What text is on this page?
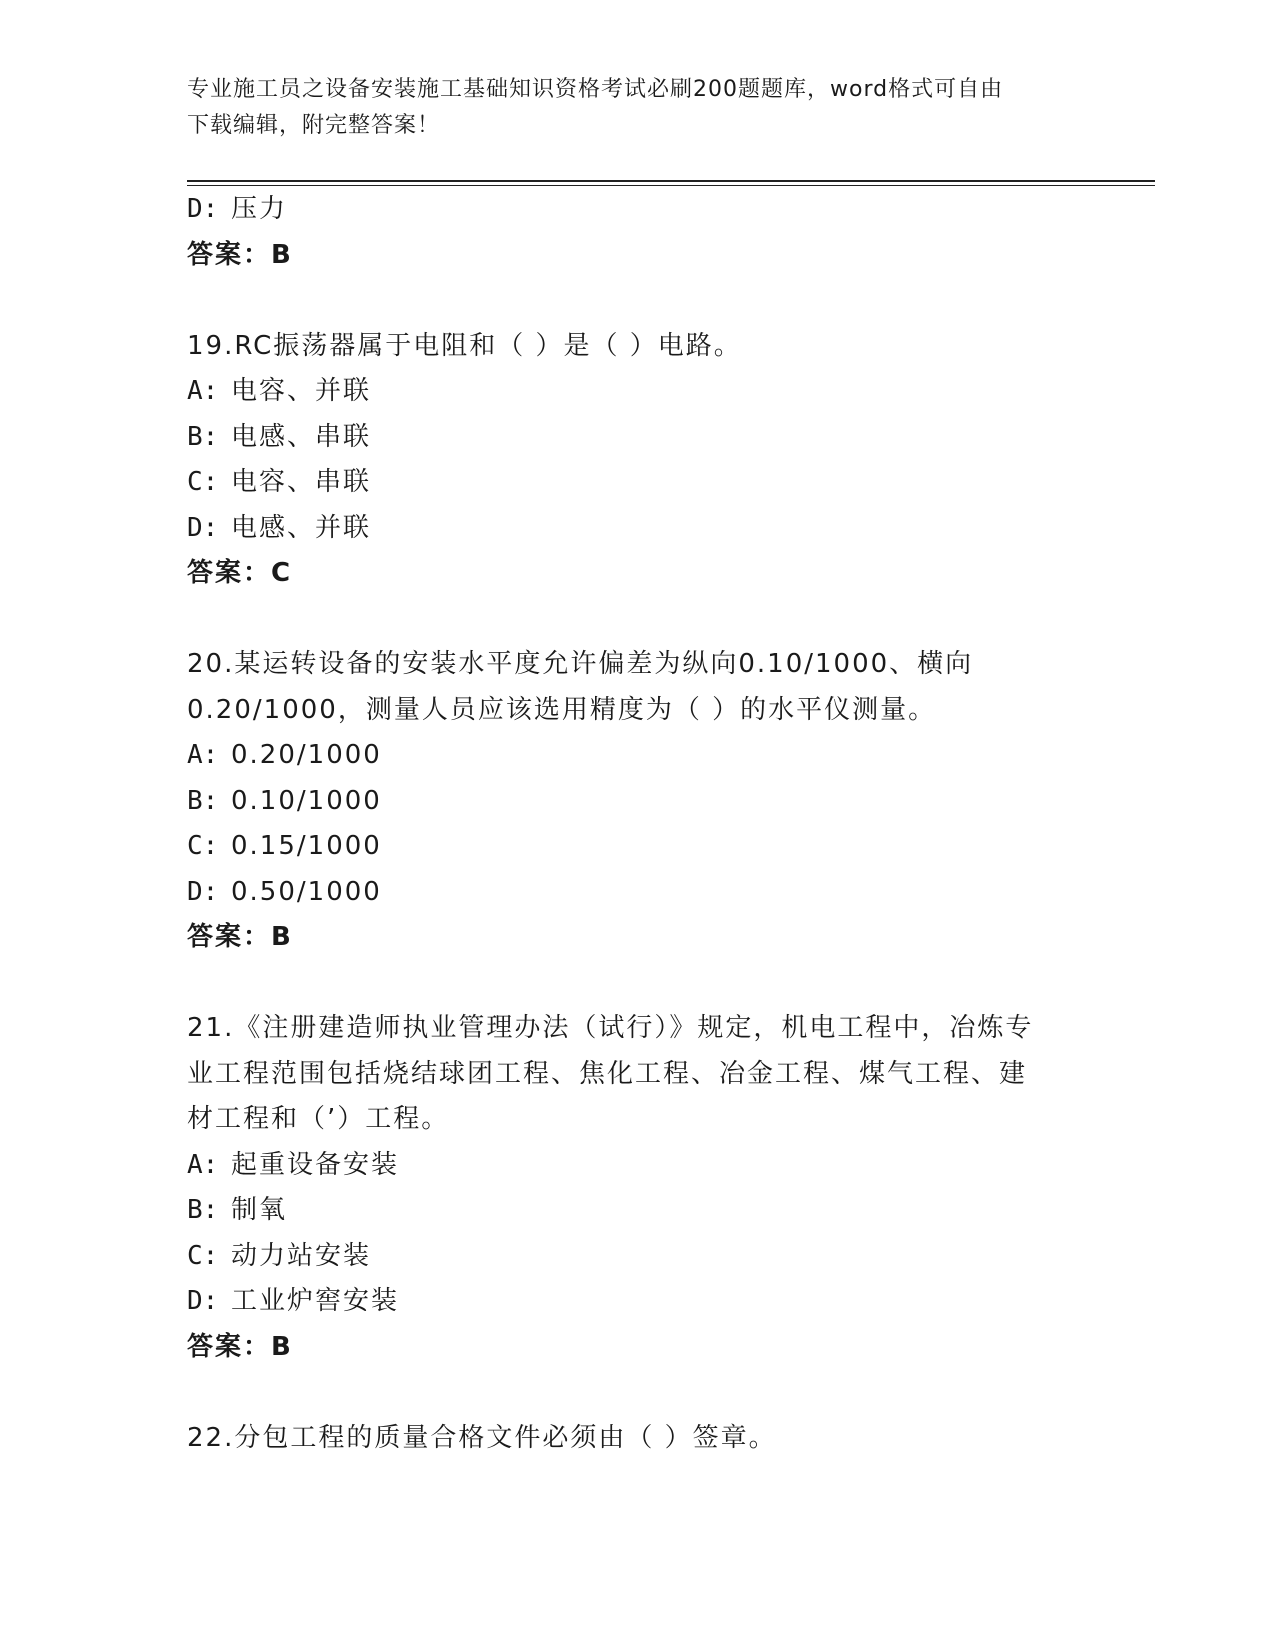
专业施工员之设备安装施工基础知识资格考试必刷200题题库，word格式可自由
下载编辑，附完整答案！
D: 压力
答案：B
19.RC振荡器属于电阻和（ ）是（ ）电路。
A: 电容、并联
B: 电感、串联
C: 电容、串联
D: 电感、并联
答案：C
20.某运转设备的安装水平度允许偏差为纵向0.10/1000、横向
0.20/1000，测量人员应该选用精度为（ ）的水平仪测量。
A: 0.20/1000
B: 0.10/1000
C: 0.15/1000
D: 0.50/1000
答案：B
21.《注册建造师执业管理办法（试行）》规定，机电工程中，冶炼专
业工程范围包括烧结球团工程、焦化工程、冶金工程、煤气工程、建
材工程和（’）工程。
A: 起重设备安装
B: 制氧
C: 动力站安装
D: 工业炉窖安装
答案：B
22.分包工程的质量合格文件必须由（ ）签章。
